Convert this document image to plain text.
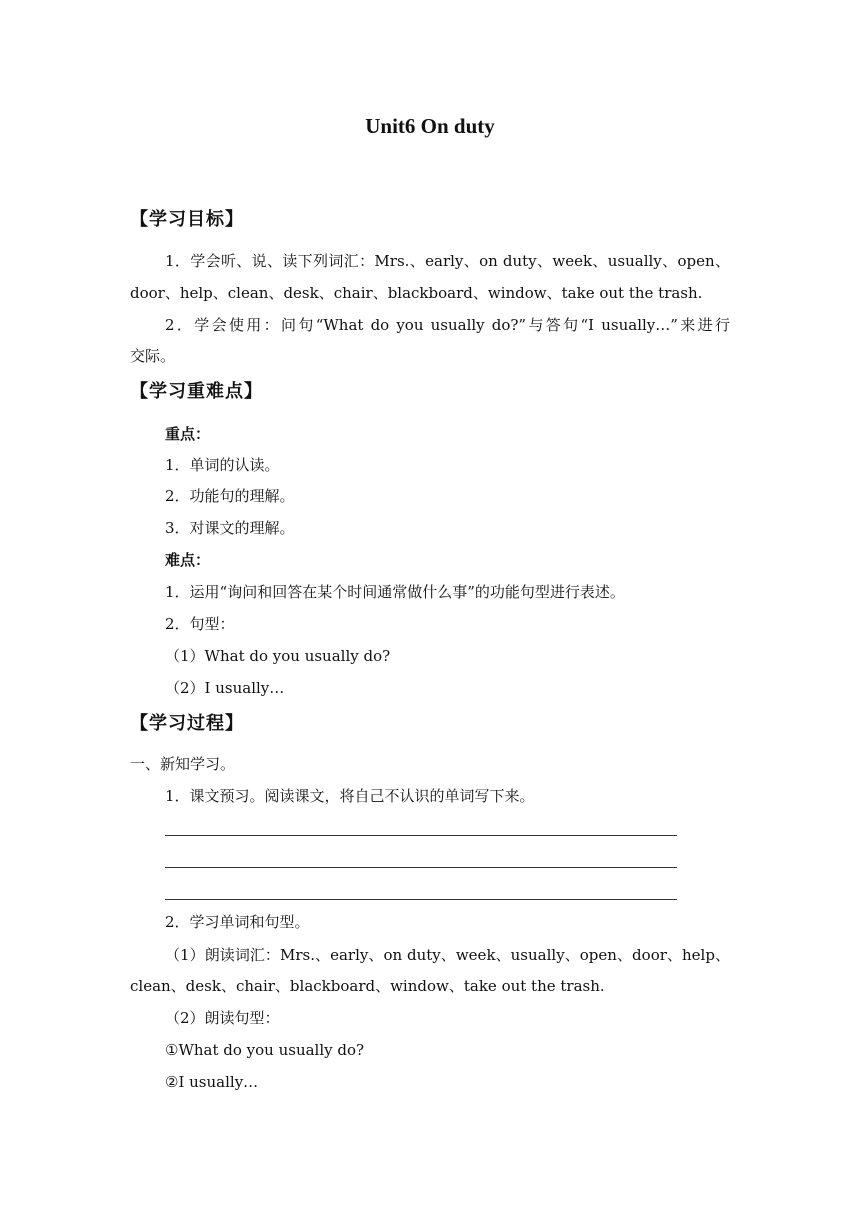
Unit6 On duty
【学习目标】
1．学会听、说、读下列词汇：Mrs.、early、on duty、week、usually、open、
door、help、clean、desk、chair、blackboard、window、take out the trash.
2．学会使用：问句“What do you usually do?”与答句“I usually…”来进行
交际。
【学习重难点】
重点：
1．单词的认读。
2．功能句的理解。
3．对课文的理解。
难点：
1．运用“询问和回答在某个时间通常做什么事”的功能句型进行表述。
2．句型：
（1）What do you usually do?
（2）I usually…
【学习过程】
一、新知学习。
1．课文预习。阅读课文，将自己不认识的单词写下来。
2．学习单词和句型。
（1）朗读词汇：Mrs.、early、on duty、week、usually、open、door、help、
clean、desk、chair、blackboard、window、take out the trash.
（2）朗读句型：
①What do you usually do?
②I usually…
